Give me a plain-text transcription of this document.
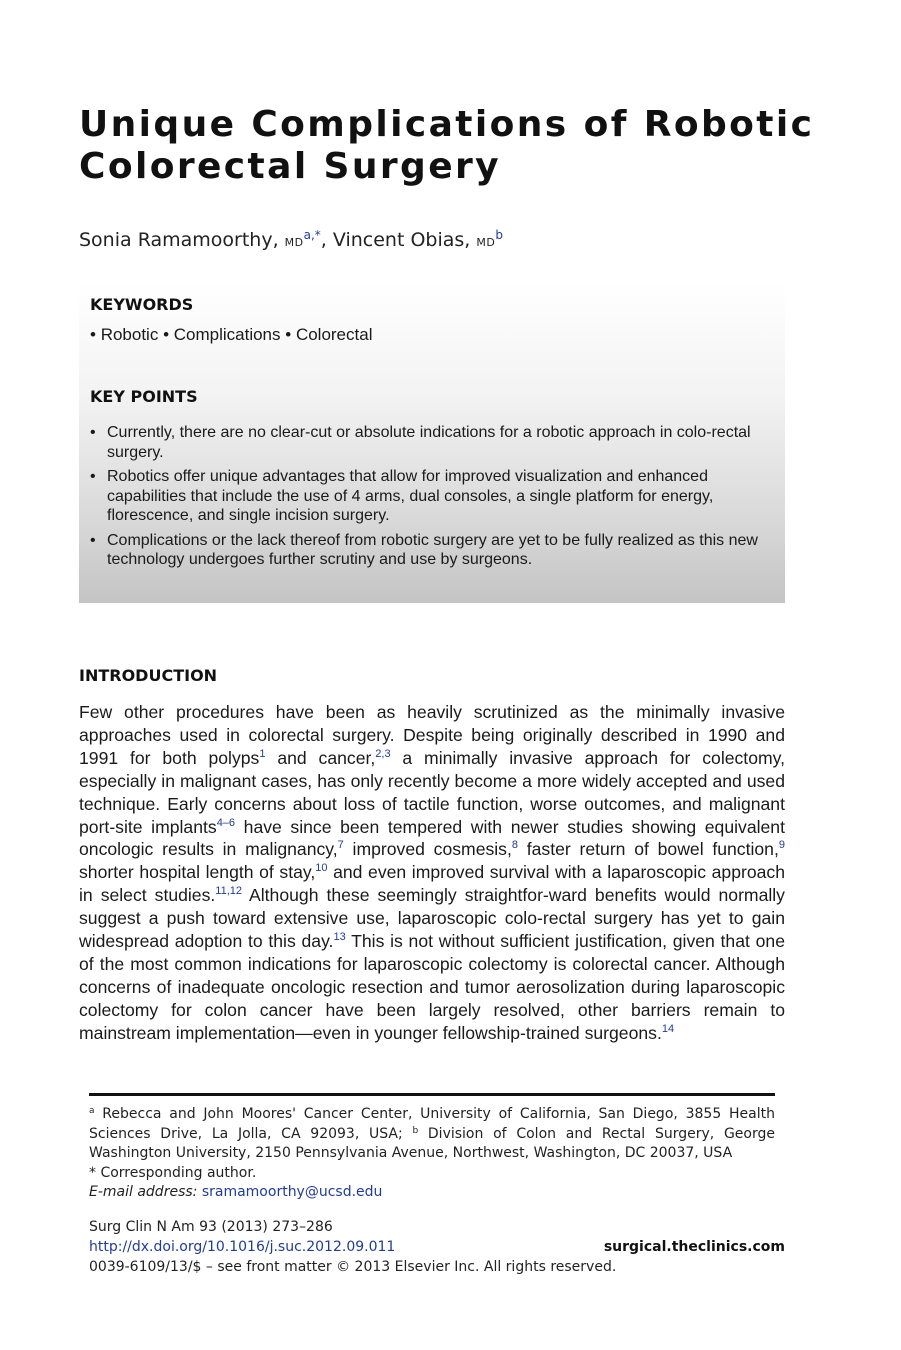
Unique Complications of Robotic
Colorectal Surgery
Sonia Ramamoorthy, $MD^{a,*}$, Vincent Obias, $MD^b$
KEYWORDS
• Robotic • Complications • Colorectal
KEY POINTS
• Currently, there are no clear-cut or absolute indications for a robotic approach in colo-rectal surgery.
• Robotics offer unique advantages that allow for improved visualization and enhanced capabilities that include the use of 4 arms, dual consoles, a single platform for energy, florescence, and single incision surgery.
• Complications or the lack thereof from robotic surgery are yet to be fully realized as this new technology undergoes further scrutiny and use by surgeons.
INTRODUCTION
Few other procedures have been as heavily scrutinized as the minimally invasive approaches used in colorectal surgery. Despite being originally described in 1990 and 1991 for both polyps$^1$ and cancer,$^{2,3}$ a minimally invasive approach for colectomy, especially in malignant cases, has only recently become a more widely accepted and used technique. Early concerns about loss of tactile function, worse outcomes, and malignant port-site implants$^{4-6}$ have since been tempered with newer studies showing equivalent oncologic results in malignancy,$^7$ improved cosmesis,$^8$ faster return of bowel function,$^9$ shorter hospital length of stay,$^{10}$ and even improved survival with a laparoscopic approach in select studies.$^{11,12}$ Although these seemingly straightfor-ward benefits would normally suggest a push toward extensive use, laparoscopic colo-rectal surgery has yet to gain widespread adoption to this day.$^{13}$ This is not without sufficient justification, given that one of the most common indications for laparoscopic colectomy is colorectal cancer. Although concerns of inadequate oncologic resection and tumor aerosolization during laparoscopic colectomy for colon cancer have been largely resolved, other barriers remain to mainstream implementation—even in younger fellowship-trained surgeons.$^{14}$
$^a$ Rebecca and John Moores' Cancer Center, University of California, San Diego, 3855 Health Sciences Drive, La Jolla, CA 92093, USA; $^b$ Division of Colon and Rectal Surgery, George Washington University, 2150 Pennsylvania Avenue, Northwest, Washington, DC 20037, USA
* Corresponding author.
E-mail address: sramamoorthy@ucsd.edu
Surg Clin N Am 93 (2013) 273–286
http://dx.doi.org/10.1016/j.suc.2012.09.011	surgical.theclinics.com
0039-6109/13/$ – see front matter © 2013 Elsevier Inc. All rights reserved.
